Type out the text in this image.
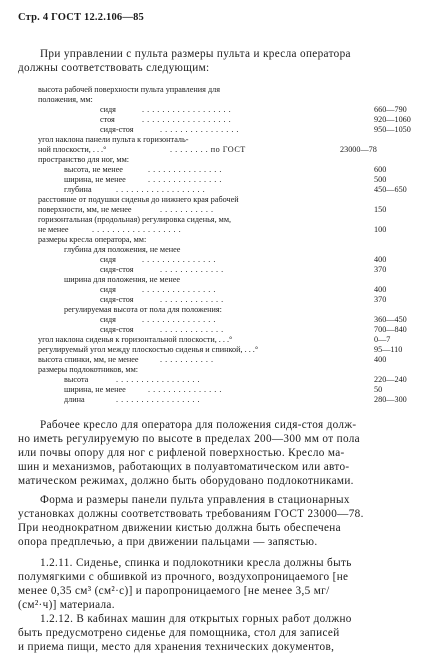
Стр. 4 ГОСТ 12.2.106—85
При управлении с пульта размеры пульта и кресла оператора
должны соответствовать следующим:
высота рабочей поверхности пульта управления для
положения, мм:
сидя	. . . . . . . . . . . . . . . . . .	660—790
стоя	. . . . . . . . . . . . . . . . . .	920—1060
сидя-стоя	. . . . . . . . . . . . . . . .	950—1050
угол наклона панели пульта к горизонталь-
ной плоскости, . . .°	. . . . . . . . по ГОСТ	23000—78
пространство для ног, мм:
высота, не менее	. . . . . . . . . . . . . . .	600
ширина, не менее	. . . . . . . . . . . . . . .	500
глубина	. . . . . . . . . . . . . . . . . .	450—650
расстояние от подушки сиденья до нижнего края рабочей
поверхности, мм, не менее	. . . . . . . . . . .	150
горизонтальная (продольная) регулировка сиденья, мм,
не менее	. . . . . . . . . . . . . . . . . .	100
размеры кресла оператора, мм:
глубина для положения, не менее
сидя	. . . . . . . . . . . . . . .	400
сидя-стоя	. . . . . . . . . . . . .	370
ширина для положения, не менее
сидя	. . . . . . . . . . . . . . .	400
сидя-стоя	. . . . . . . . . . . . .	370
регулируемая высота от пола для положения:
сидя	. . . . . . . . . . . . . . .	360—450
сидя-стоя	. . . . . . . . . . . . .	700—840
угол наклона сиденья к горизонтальной плоскости, . . .°	0—7
регулируемый угол между плоскостью сиденья и спинкой, . . .°	95—110
высота спинки, мм, не менее	. . . . . . . . . . .	400
размеры подлокотников, мм:
высота	. . . . . . . . . . . . . . . . .	220—240
ширина, не менее	. . . . . . . . . . . . . . .	50
длина	. . . . . . . . . . . . . . . . .	280—300
Рабочее кресло для оператора для положения сидя-стоя долж-
но иметь регулируемую по высоте в пределах 200—300 мм от пола
или почвы опору для ног с рифленой поверхностью. Кресло ма-
шин и механизмов, работающих в полуавтоматическом или авто-
матическом режимах, должно быть оборудовано подлокотниками.
Форма и размеры панели пульта управления в стационарных
установках должны соответствовать требованиям ГОСТ 23000—78.
При неоднократном движении кистью должна быть обеспечена
опора предплечью, а при движении пальцами — запястью.
1.2.11. Сиденье, спинка и подлокотники кресла должны быть
полумягкими с обшивкой из прочного, воздухопроницаемого [не
менее 0,35 см³ (см²·с)] и паропроницаемого [не менее 3,5 мг/
(см²·ч)] материала.
1.2.12. В кабинах машин для открытых горных работ должно
быть предусмотрено сиденье для помощника, стол для записей
и приема пищи, место для хранения технических документов,
